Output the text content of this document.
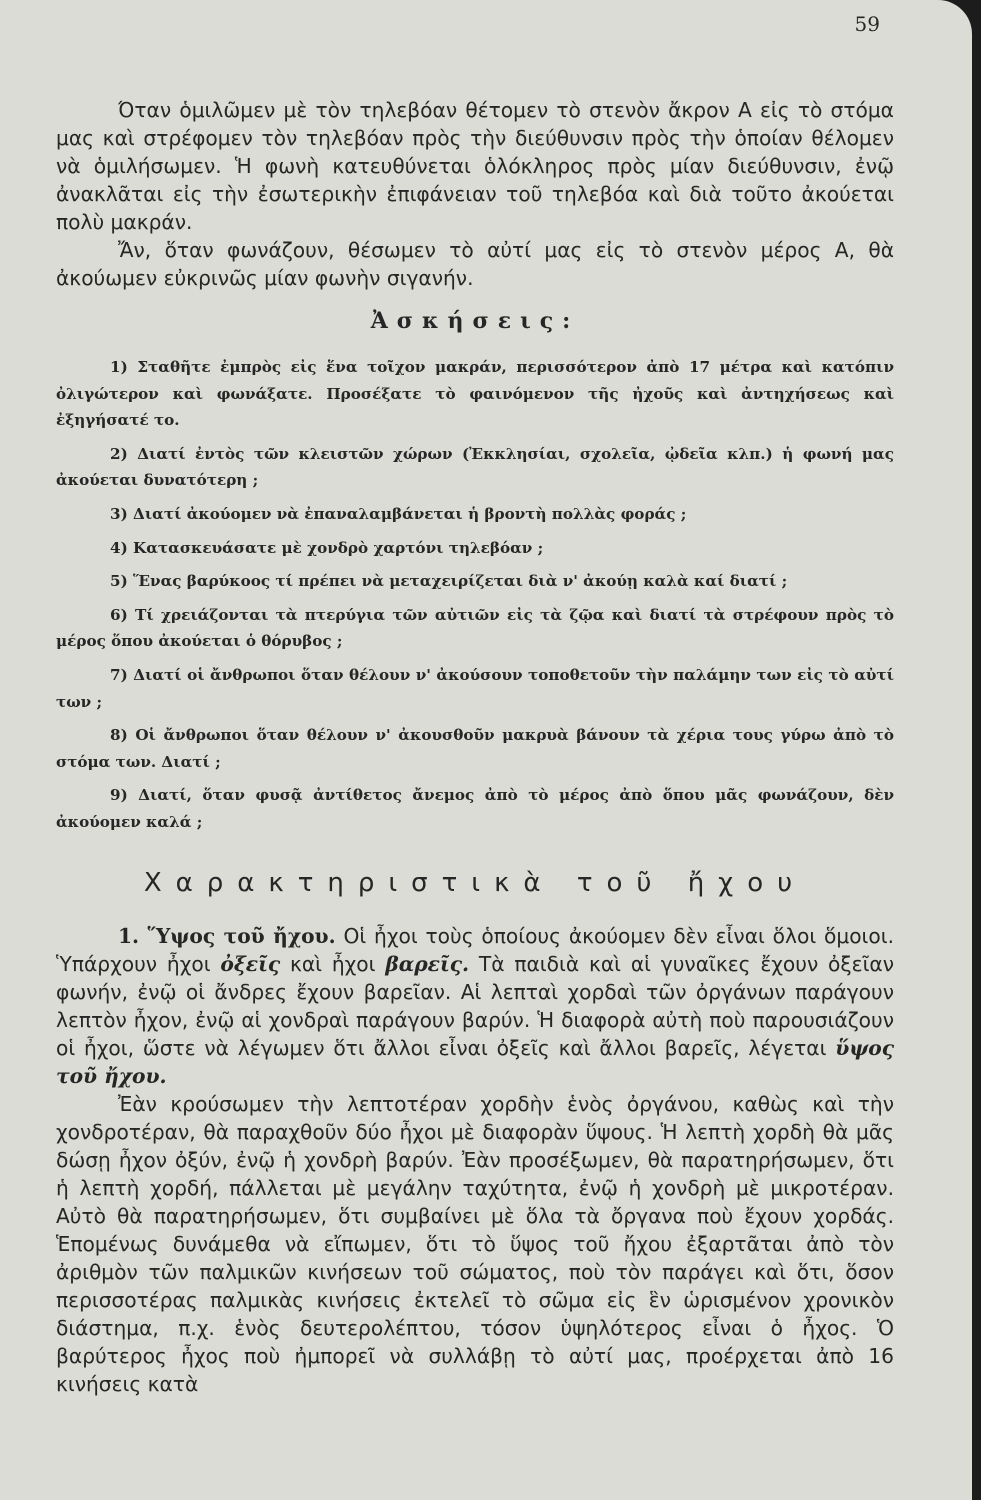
59

Όταν ὁμιλῶμεν μὲ τὸν τηλεβόαν θέτομεν τὸ στενὸν ἄκρον Α εἰς τὸ στόμα μας καὶ στρέφομεν τὸν τηλεβόαν πρὸς τὴν διεύθυνσιν πρὸς τὴν ὁποίαν θέλομεν νὰ ὁμιλήσωμεν. Ἡ φωνὴ κατευθύνεται ὁλόκληρος πρὸς μίαν διεύθυνσιν, ἐνῷ ἀνακλᾶται εἰς τὴν ἐσωτερικὴν ἐπιφάνειαν τοῦ τηλεβόα καὶ διὰ τοῦτο ἀκούεται πολὺ μακράν.

Ἄν, ὅταν φωνάζουν, θέσωμεν τὸ αὐτί μας εἰς τὸ στενὸν μέρος Α, θὰ ἀκούωμεν εὐκρινῶς μίαν φωνὴν σιγανήν.

Ἀσκήσεις:

1) Σταθῆτε ἐμπρὸς εἰς ἕνα τοῖχον μακράν, περισσότερον ἀπὸ 17 μέτρα καὶ κατόπιν ὀλιγώτερον καὶ φωνάξατε. Προσέξατε τὸ φαινόμενον τῆς ἠχοῦς καὶ ἀντηχήσεως καὶ ἐξηγήσατέ το.

2) Διατί ἐντὸς τῶν κλειστῶν χώρων (Ἐκκλησίαι, σχολεῖα, ᾠδεῖα κλπ.) ἡ φωνή μας ἀκούεται δυνατότερη ;

3) Διατί ἀκούομεν νὰ ἐπαναλαμβάνεται ἡ βροντὴ πολλὰς φοράς ;

4) Κατασκευάσατε μὲ χονδρὸ χαρτόνι τηλεβόαν ;

5) Ἕνας βαρύκοος τί πρέπει νὰ μεταχειρίζεται διὰ ν' ἀκούῃ καλὰ καί διατί ;

6) Τί χρειάζονται τὰ πτερύγια τῶν αὐτιῶν εἰς τὰ ζῷα καὶ διατί τὰ στρέφουν πρὸς τὸ μέρος ὅπου ἀκούεται ὁ θόρυβος ;

7) Διατί οἱ ἄνθρωποι ὅταν θέλουν ν' ἀκούσουν τοποθετοῦν τὴν παλάμην των εἰς τὸ αὐτί των ;

8) Οἱ ἄνθρωποι ὅταν θέλουν ν' ἀκουσθοῦν μακρυὰ βάνουν τὰ χέρια τους γύρω ἀπὸ τὸ στόμα των. Διατί ;

9) Διατί, ὅταν φυσᾷ ἀντίθετος ἄνεμος ἀπὸ τὸ μέρος ἀπὸ ὅπου μᾶς φωνάζουν, δὲν ἀκούομεν καλά ;

Χαρακτηριστικὰ τοῦ ἤχου

1. Ὕψος τοῦ ἤχου. Οἱ ἦχοι τοὺς ὁποίους ἀκούομεν δὲν εἶναι ὅλοι ὅμοιοι. Ὑπάρχουν ἦχοι ὀξεῖς καὶ ἦχοι βαρεῖς. Τὰ παιδιὰ καὶ αἱ γυναῖκες ἔχουν ὀξεῖαν φωνήν, ἐνῷ οἱ ἄνδρες ἔχουν βαρεῖαν. Αἱ λεπταὶ χορδαὶ τῶν ὀργάνων παράγουν λεπτὸν ἦχον, ἐνῷ αἱ χονδραὶ παράγουν βαρύν. Ἡ διαφορὰ αὐτὴ ποὺ παρουσιάζουν οἱ ἦχοι, ὥστε νὰ λέγωμεν ὅτι ἄλλοι εἶναι ὀξεῖς καὶ ἄλλοι βαρεῖς, λέγεται ὕψος τοῦ ἤχου.

Ἐὰν κρούσωμεν τὴν λεπτοτέραν χορδὴν ἑνὸς ὀργάνου, καθὼς καὶ τὴν χονδροτέραν, θὰ παραχθοῦν δύο ἦχοι μὲ διαφορὰν ὕψους. Ἡ λεπτὴ χορδὴ θὰ μᾶς δώσῃ ἦχον ὀξύν, ἐνῷ ἡ χονδρὴ βαρύν. Ἐὰν προσέξωμεν, θὰ παρατηρήσωμεν, ὅτι ἡ λεπτὴ χορδή, πάλλεται μὲ μεγάλην ταχύτητα, ἐνῷ ἡ χονδρὴ μὲ μικροτέραν. Αὐτὸ θὰ παρατηρήσωμεν, ὅτι συμβαίνει μὲ ὅλα τὰ ὄργανα ποὺ ἔχουν χορδάς. Ἑπομένως δυνάμεθα νὰ εἴπωμεν, ὅτι τὸ ὕψος τοῦ ἤχου ἐξαρτᾶται ἀπὸ τὸν ἀριθμὸν τῶν παλμικῶν κινήσεων τοῦ σώματος, ποὺ τὸν παράγει καὶ ὅτι, ὅσον περισσοτέρας παλμικὰς κινήσεις ἐκτελεῖ τὸ σῶμα εἰς ἓν ὡρισμένον χρονικὸν διάστημα, π.χ. ἑνὸς δευτερολέπτου, τόσον ὑψηλότερος εἶναι ὁ ἦχος. Ὁ βαρύτερος ἦχος ποὺ ἠμπορεῖ νὰ συλλάβῃ τὸ αὐτί μας, προέρχεται ἀπὸ 16 κινήσεις κατὰ
